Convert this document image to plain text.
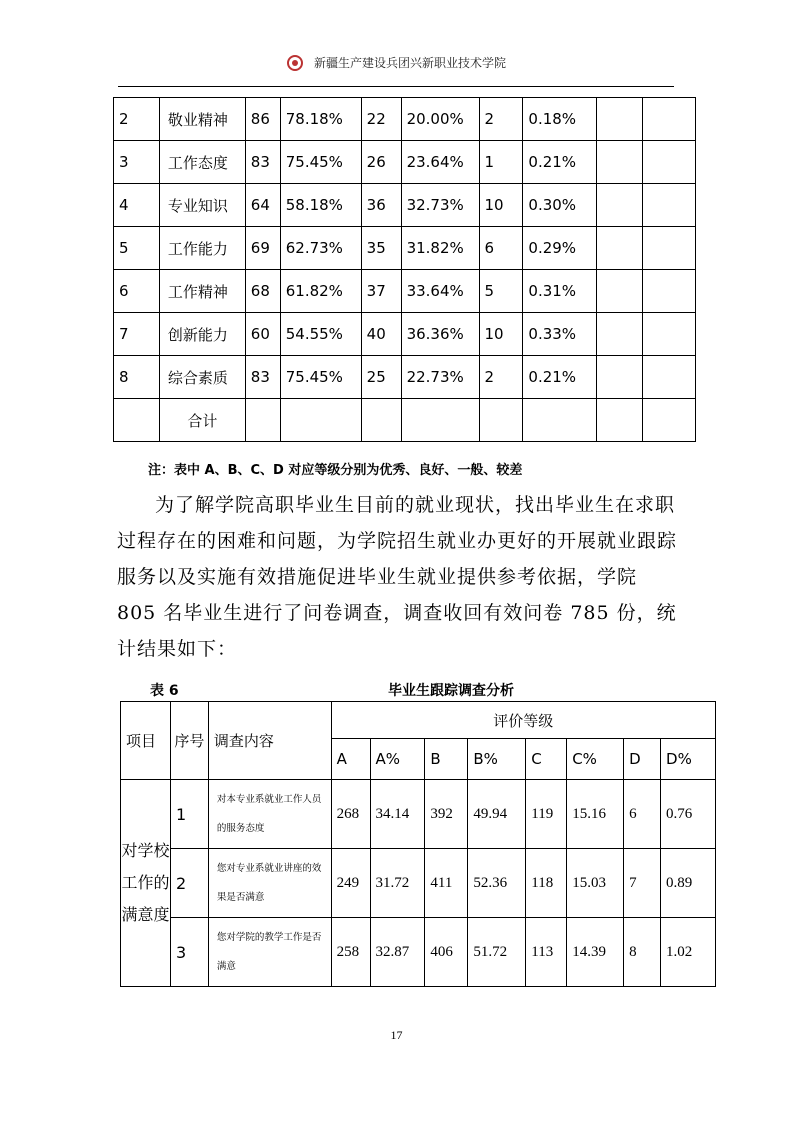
新疆生产建设兵团兴新职业技术学院
2	敬业精神	86	78.18%	22	20.00%	2	0.18%		
3	工作态度	83	75.45%	26	23.64%	1	0.21%		
4	专业知识	64	58.18%	36	32.73%	10	0.30%		
5	工作能力	69	62.73%	35	31.82%	6	0.29%		
6	工作精神	68	61.82%	37	33.64%	5	0.31%		
7	创新能力	60	54.55%	40	36.36%	10	0.33%		
8	综合素质	83	75.45%	25	22.73%	2	0.21%		
	合计								
注：表中 A、B、C、D 对应等级分别为优秀、良好、一般、较差

为了解学院高职毕业生目前的就业现状，找出毕业生在求职过程存在的困难和问题，为学院招生就业办更好的开展就业跟踪服务以及实施有效措施促进毕业生就业提供参考依据，学院 805 名毕业生进行了问卷调查，调查收回有效问卷 785 份，统计结果如下：

表 6	毕业生跟踪调查分析
项目	序号	调查内容	评价等级							
			A	A%	B	B%	C	C%	D	D%
对学校工作的满意度	1	对本专业系就业工作人员的服务态度	268	34.14	392	49.94	119	15.16	6	0.76
	2	您对专业系就业讲座的效果是否满意	249	31.72	411	52.36	118	15.03	7	0.89
	3	您对学院的教学工作是否满意	258	32.87	406	51.72	113	14.39	8	1.02
17
